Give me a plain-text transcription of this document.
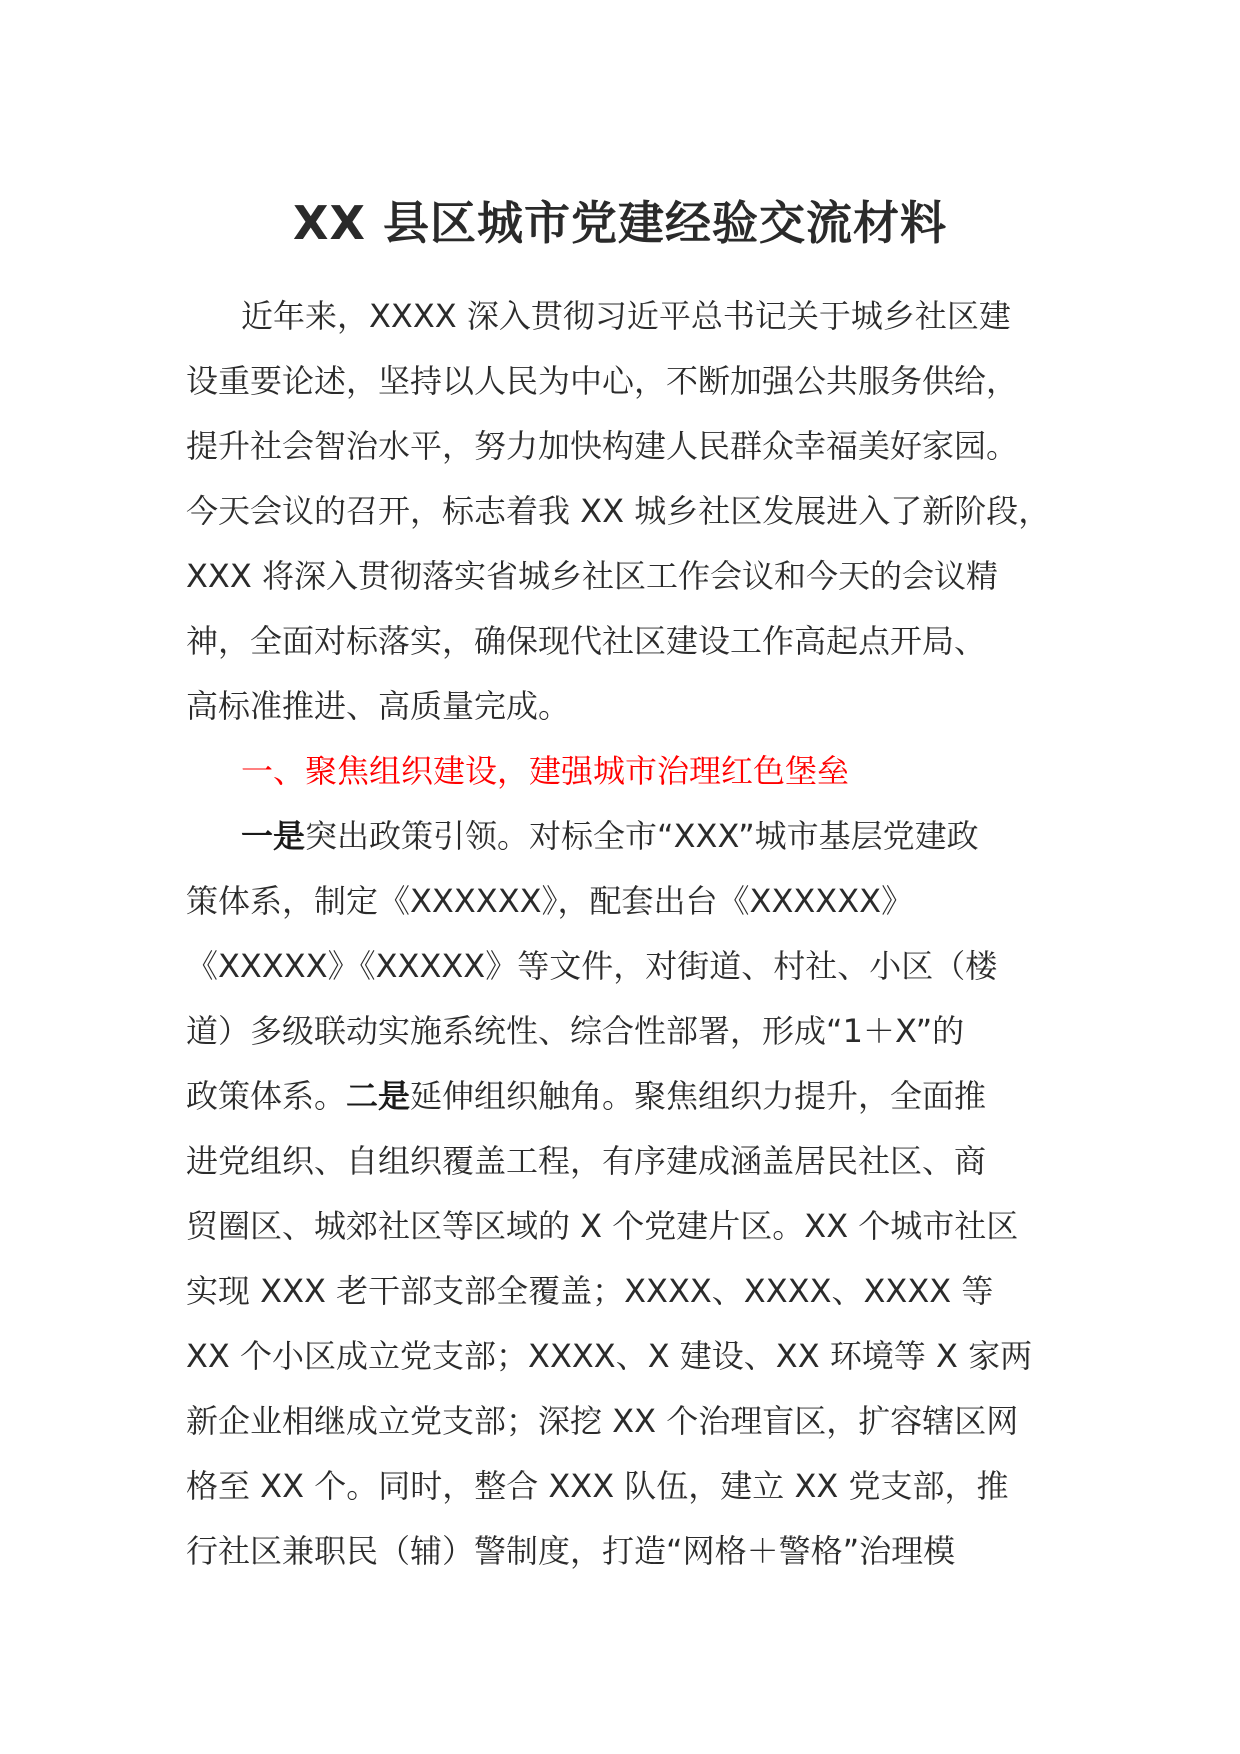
XX 县区城市党建经验交流材料
近年来，XXXX 深入贯彻习近平总书记关于城乡社区建
设重要论述，坚持以人民为中心，不断加强公共服务供给，
提升社会智治水平，努力加快构建人民群众幸福美好家园。
今天会议的召开，标志着我 XX 城乡社区发展进入了新阶段，
XXX 将深入贯彻落实省城乡社区工作会议和今天的会议精
神，全面对标落实，确保现代社区建设工作高起点开局、
高标准推进、高质量完成。
一、聚焦组织建设，建强城市治理红色堡垒
一是突出政策引领。对标全市“XXX”城市基层党建政
策体系，制定《XXXXXX》，配套出台《XXXXXX》
《XXXXX》《XXXXX》等文件，对街道、村社、小区（楼
道）多级联动实施系统性、综合性部署，形成“1＋X”的
政策体系。二是延伸组织触角。聚焦组织力提升，全面推
进党组织、自组织覆盖工程，有序建成涵盖居民社区、商
贸圈区、城郊社区等区域的 X 个党建片区。XX 个城市社区
实现 XXX 老干部支部全覆盖；XXXX、XXXX、XXXX 等
XX 个小区成立党支部；XXXX、X 建设、XX 环境等 X 家两
新企业相继成立党支部；深挖 XX 个治理盲区，扩容辖区网
格至 XX 个。同时，整合 XXX 队伍，建立 XX 党支部，推
行社区兼职民（辅）警制度，打造“网格＋警格”治理模
